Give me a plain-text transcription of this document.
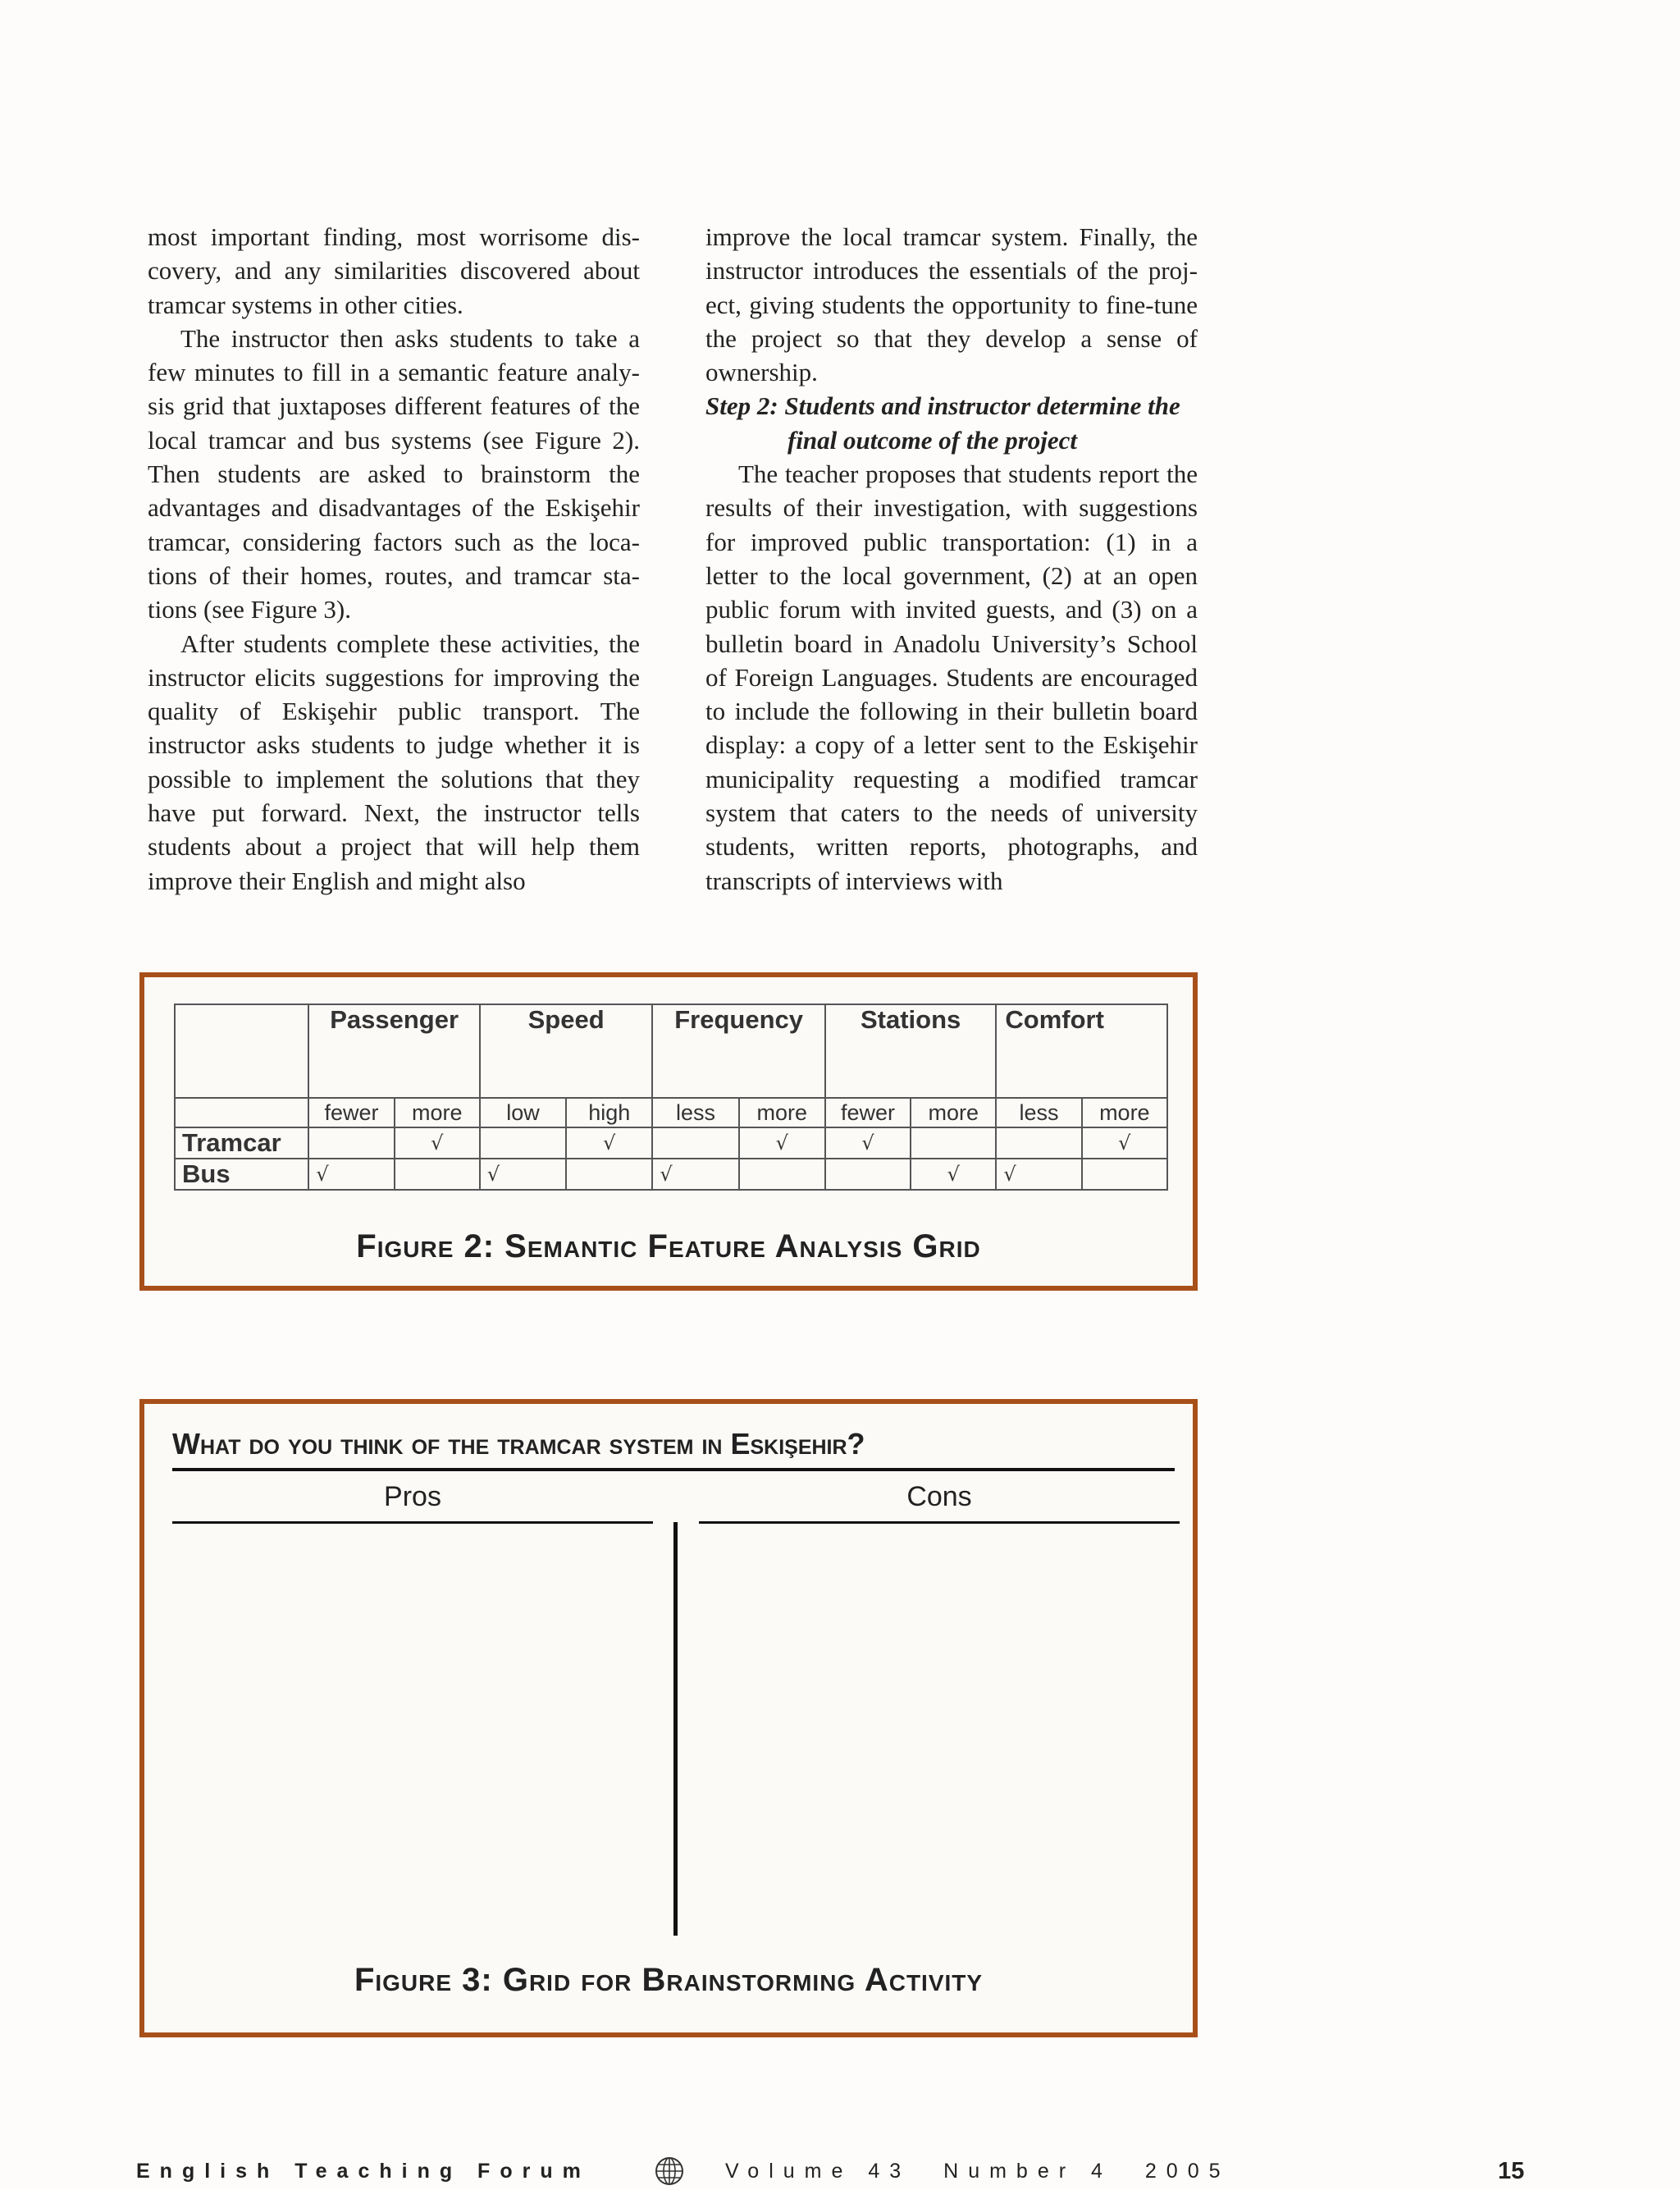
most important finding, most worrisome discovery, and any similarities discovered about tramcar systems in other cities.

The instructor then asks students to take a few minutes to fill in a semantic feature analysis grid that juxtaposes different features of the local tramcar and bus systems (see Figure 2). Then students are asked to brainstorm the advantages and disadvantages of the Eskişehir tramcar, considering factors such as the locations of their homes, routes, and tramcar stations (see Figure 3).

After students complete these activities, the instructor elicits suggestions for improving the quality of Eskişehir public transport. The instructor asks students to judge whether it is possible to implement the solutions that they have put forward. Next, the instructor tells students about a project that will help them improve their English and might also

improve the local tramcar system. Finally, the instructor introduces the essentials of the project, giving students the opportunity to fine-tune the project so that they develop a sense of ownership.

Step 2: Students and instructor determine the
final outcome of the project

The teacher proposes that students report the results of their investigation, with suggestions for improved public transportation: (1) in a letter to the local government, (2) at an open public forum with invited guests, and (3) on a bulletin board in Anadolu University’s School of Foreign Languages. Students are encouraged to include the following in their bulletin board display: a copy of a letter sent to the Eskişehir municipality requesting a modified tramcar system that caters to the needs of university students, written reports, photographs, and transcripts of interviews with

	Passenger		Speed		Frequency		Stations		Comfort	
	fewer	more	low	high	less	more	fewer	more	less	more
Tramcar		√		√		√	√			√
Bus	√		√		√			√	√	
Figure 2: Semantic Feature Analysis Grid
What do you think of the tramcar system in Eskişehir?
Pros	Cons
Figure 3: Grid for Brainstorming Activity
English Teaching Forum	Volume 43 Number 4 2005	15
